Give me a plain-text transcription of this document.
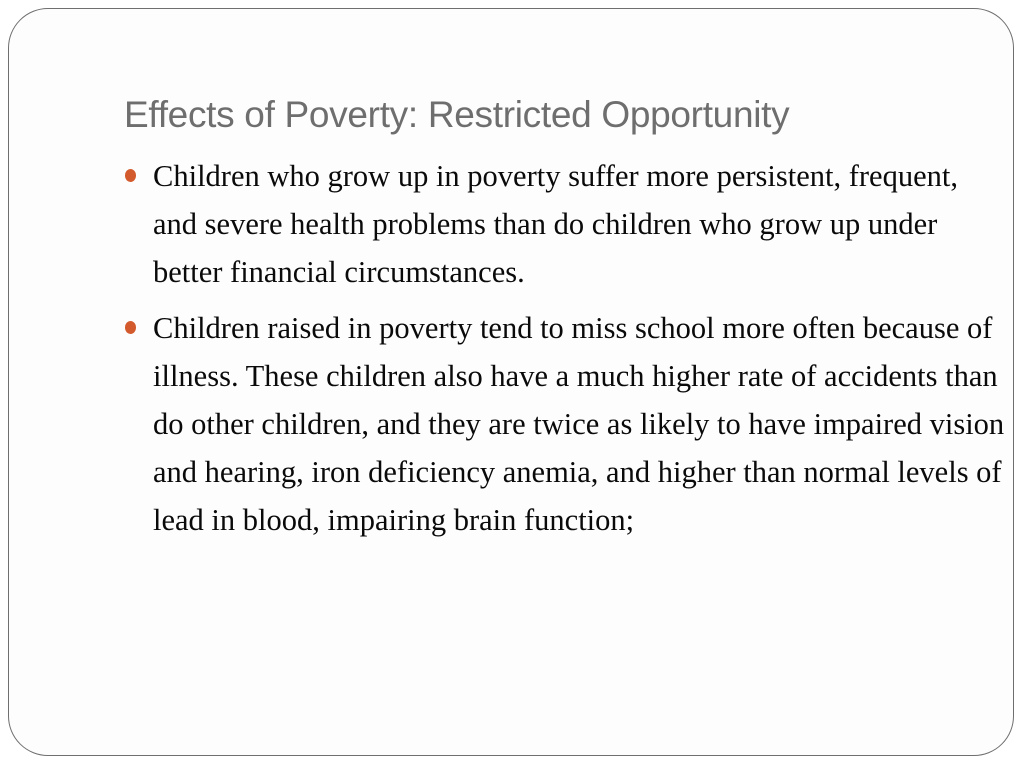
Effects of Poverty: Restricted Opportunity
Children who grow up in poverty suffer more persistent, frequent, and severe health problems than do children who grow up under better financial circumstances.
Children raised in poverty tend to miss school more often because of illness. These children also have a much higher rate of accidents than do other children, and they are twice as likely to have impaired vision and hearing, iron deficiency anemia, and higher than normal levels of lead in blood, impairing brain function;
